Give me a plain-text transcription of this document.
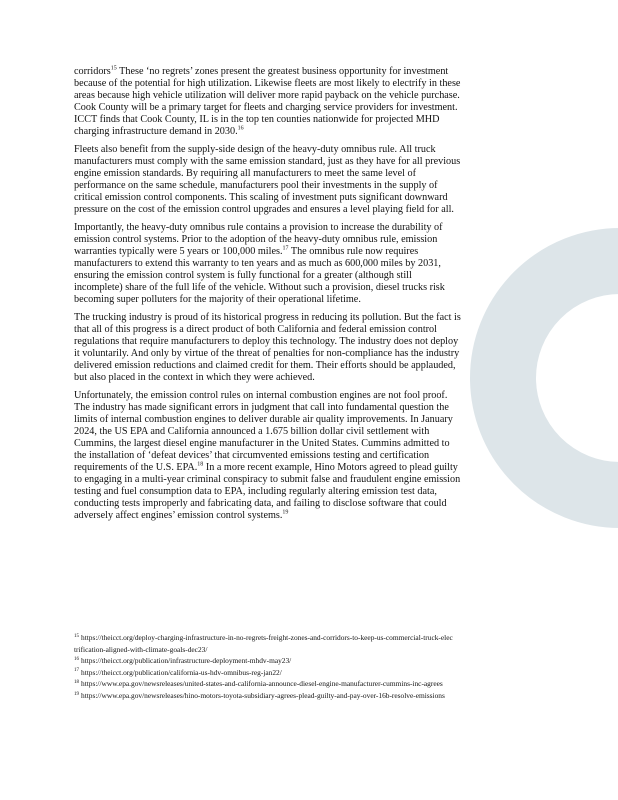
corridors$^{15}$ These ‘no regrets’ zones present the greatest business opportunity for investment because of the potential for high utilization. Likewise fleets are most likely to electrify in these areas because high vehicle utilization will deliver more rapid payback on the vehicle purchase. Cook County will be a primary target for fleets and charging service providers for investment. ICCT finds that Cook County, IL is in the top ten counties nationwide for projected MHD charging infrastructure demand in 2030.16

Fleets also benefit from the supply-side design of the heavy-duty omnibus rule. All truck manufacturers must comply with the same emission standard, just as they have for all previous engine emission standards. By requiring all manufacturers to meet the same level of performance on the same schedule, manufacturers pool their investments in the supply of critical emission control components. This scaling of investment puts significant downward pressure on the cost of the emission control upgrades and ensures a level playing field for all.

Importantly, the heavy-duty omnibus rule contains a provision to increase the durability of emission control systems. Prior to the adoption of the heavy-duty omnibus rule, emission warranties typically were 5 years or 100,000 miles.$^{17}$ The omnibus rule now requires manufacturers to extend this warranty to ten years and as much as 600,000 miles by 2031, ensuring the emission control system is fully functional for a greater (although still incomplete) share of the full life of the vehicle. Without such a provision, diesel trucks risk becoming super polluters for the majority of their operational lifetime.

The trucking industry is proud of its historical progress in reducing its pollution. But the fact is that all of this progress is a direct product of both California and federal emission control regulations that require manufacturers to deploy this technology. The industry does not deploy it voluntarily. And only by virtue of the threat of penalties for non-compliance has the industry delivered emission reductions and claimed credit for them. Their efforts should be applauded, but also placed in the context in which they were achieved.

Unfortunately, the emission control rules on internal combustion engines are not fool proof. The industry has made significant errors in judgment that call into fundamental question the limits of internal combustion engines to deliver durable air quality improvements. In January 2024, the US EPA and California announced a 1.675 billion dollar civil settlement with Cummins, the largest diesel engine manufacturer in the United States. Cummins admitted to the installation of ‘defeat devices’ that circumvented emissions testing and certification requirements of the U.S. EPA.$^{18}$ In a more recent example, Hino Motors agreed to plead guilty to engaging in a multi-year criminal conspiracy to submit false and fraudulent engine emission testing and fuel consumption data to EPA, including regularly altering emission test data, conducting tests improperly and fabricating data, and failing to disclose software that could adversely affect engines’ emission control systems.$^{19}$

$^{15}$ https://theicct.org/deploy-charging-infrastructure-in-no-regrets-freight-zones-and-corridors-to-keep-us-commercial-truck-electrification-aligned-with-climate-goals-dec23/

$^{16}$ https://theicct.org/publication/infrastructure-deployment-mhdv-may23/

$^{17}$ https://theicct.org/publication/california-us-hdv-omnibus-reg-jan22/

$^{18}$ https://www.epa.gov/newsreleases/united-states-and-california-announce-diesel-engine-manufacturer-cummins-inc-agrees

$^{19}$ https://www.epa.gov/newsreleases/hino-motors-toyota-subsidiary-agrees-plead-guilty-and-pay-over-16b-resolve-emissions
